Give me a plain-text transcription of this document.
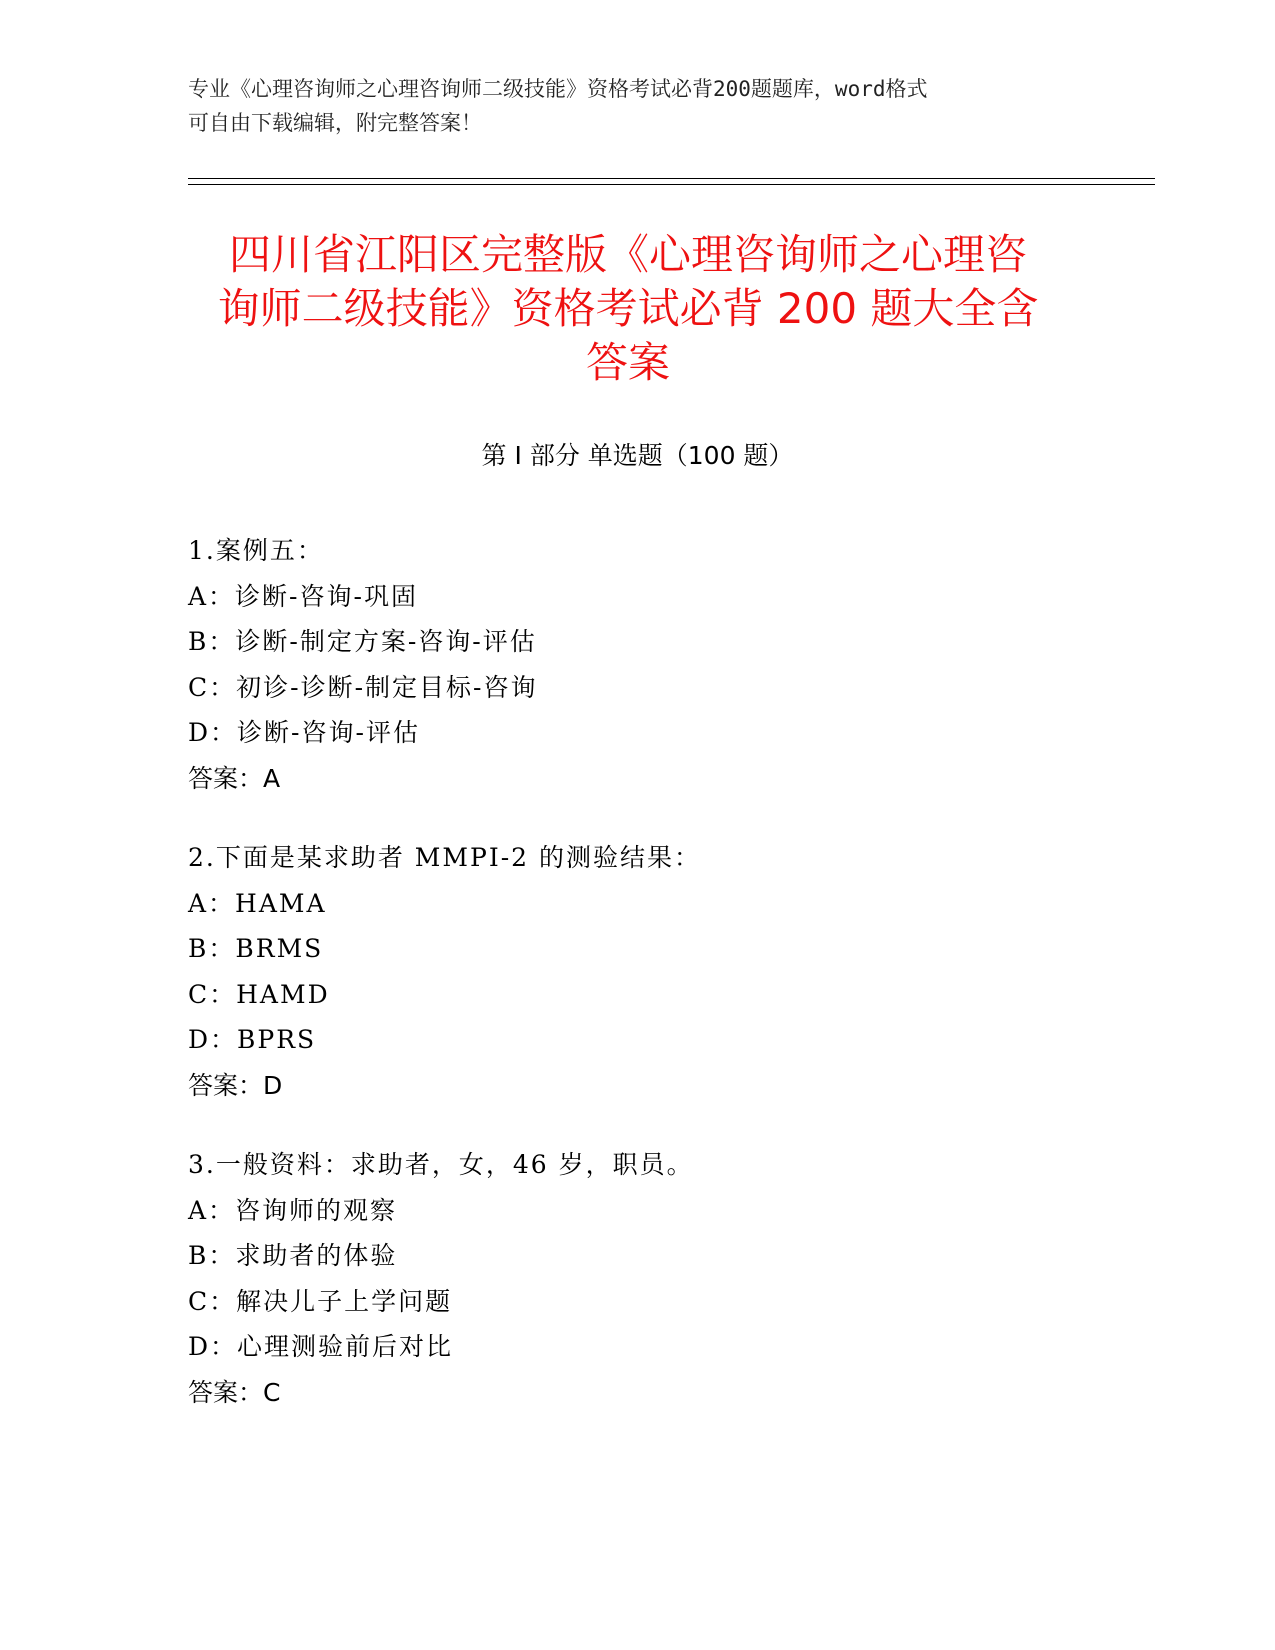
专业《心理咨询师之心理咨询师二级技能》资格考试必背200题题库，word格式
可自由下载编辑，附完整答案！
四川省江阳区完整版《心理咨询师之心理咨
询师二级技能》资格考试必背 200 题大全含
答案
第 I 部分 单选题（100 题）
1.案例五：
A：诊断-咨询-巩固
B：诊断-制定方案-咨询-评估
C：初诊-诊断-制定目标-咨询
D：诊断-咨询-评估
答案：A
2.下面是某求助者 MMPI-2 的测验结果：
A：HAMA
B：BRMS
C：HAMD
D：BPRS
答案：D
3.一般资料：求助者，女，46 岁，职员。
A：咨询师的观察
B：求助者的体验
C：解决儿子上学问题
D：心理测验前后对比
答案：C
